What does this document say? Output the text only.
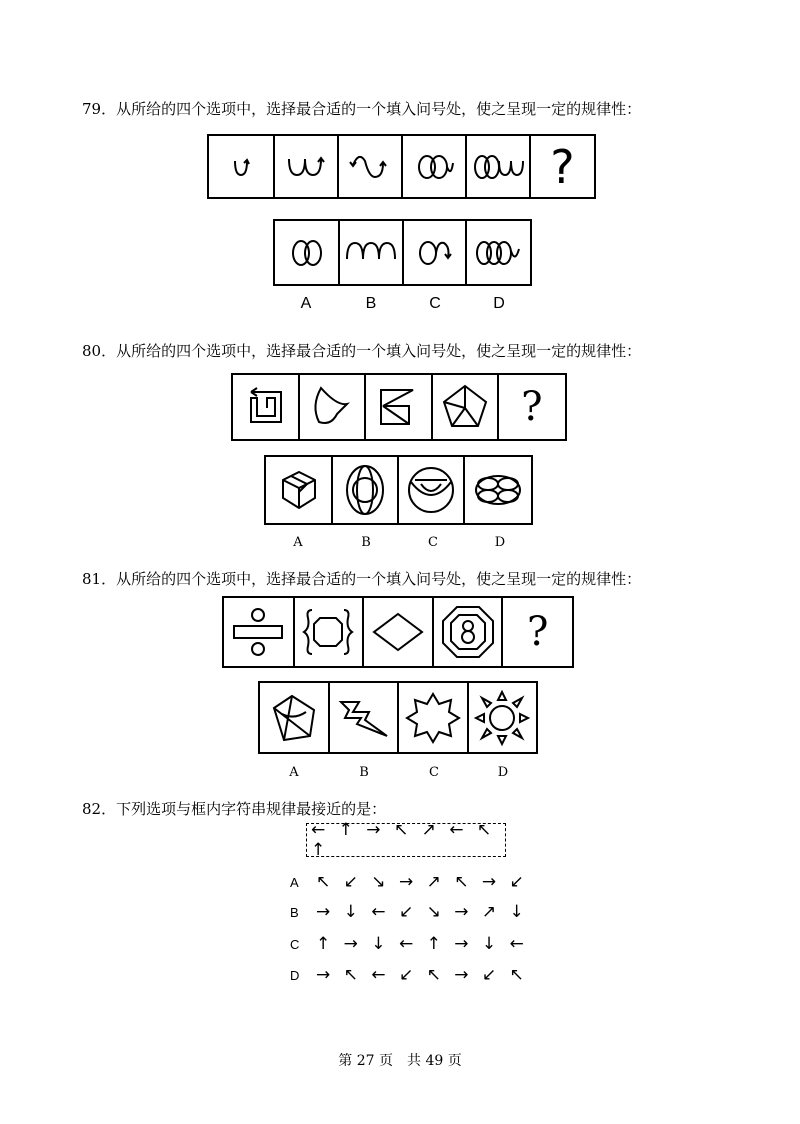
79．从所给的四个选项中，选择最合适的一个填入问号处，使之呈现一定的规律性：
?
A	B	C	D
80．从所给的四个选项中，选择最合适的一个填入问号处，使之呈现一定的规律性：
?
A	B	C	D
81．从所给的四个选项中，选择最合适的一个填入问号处，使之呈现一定的规律性：
?
A	B	C	D
82．下列选项与框内字符串规律最接近的是：
← ↑ → ↖ ↗ ← ↖ ↑
A	↖ ↙ ↘ → ↗ ↖ → ↙
B	→ ↓ ← ↙ ↘ → ↗ ↓
C ↑ → ↓ ← ↑ → ↓ ←
D → ↖ ← ↙ ↖ → ↙ ↖
第 27 页　共 49 页
